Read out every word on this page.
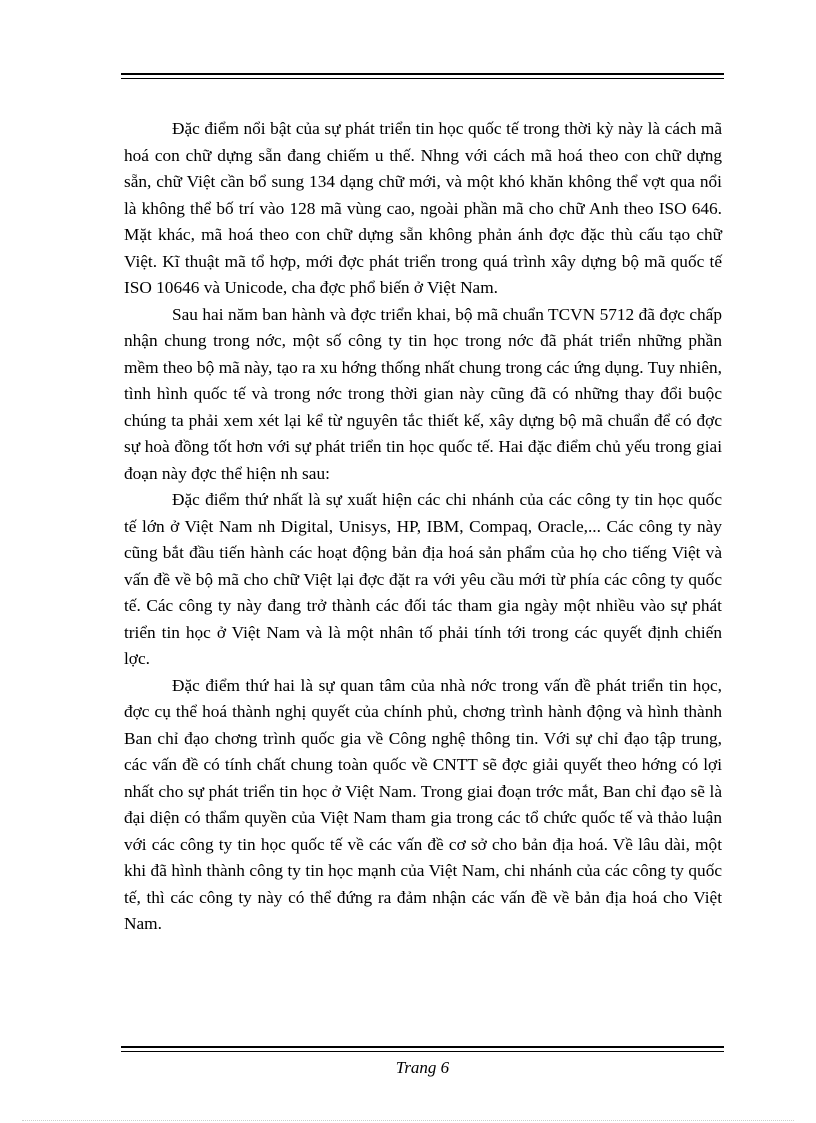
Đặc điểm nổi bật của sự phát triển tin học quốc tế trong thời kỳ này là cách mã hoá con chữ dựng sẵn đang chiếm u thế. Nhng với cách mã hoá theo con chữ dựng sẵn, chữ Việt cần bổ sung 134 dạng chữ mới, và một khó khăn không thể vợt qua nổi là không thể bố trí vào 128 mã vùng cao, ngoài phần mã cho chữ Anh theo ISO 646. Mặt khác, mã hoá theo con chữ dựng sẵn không phản ánh đợc đặc thù cấu tạo chữ Việt. Kĩ thuật mã tổ hợp, mới đợc phát triển trong quá trình xây dựng bộ mã quốc tế ISO 10646 và Unicode, cha đợc phổ biến ở Việt Nam.

Sau hai năm ban hành và đợc triển khai, bộ mã chuẩn TCVN 5712 đã đợc chấp nhận chung trong nớc, một số công ty tin học trong nớc đã phát triển những phần mềm theo bộ mã này, tạo ra xu hớng thống nhất chung trong các ứng dụng. Tuy nhiên, tình hình quốc tế và trong nớc trong thời gian này cũng đã có những thay đổi buộc chúng ta phải xem xét lại kể từ nguyên tắc thiết kế, xây dựng bộ mã chuẩn để có đợc sự hoà đồng tốt hơn với sự phát triển tin học quốc tế. Hai đặc điểm chủ yếu trong giai đoạn này đợc thể hiện nh sau:

Đặc điểm thứ nhất là sự xuất hiện các chi nhánh của các công ty tin học quốc tế lớn ở Việt Nam nh Digital, Unisys, HP, IBM, Compaq, Oracle,... Các công ty này cũng bắt đầu tiến hành các hoạt động bản địa hoá sản phẩm của họ cho tiếng Việt và vấn đề về bộ mã cho chữ Việt lại đợc đặt ra với yêu cầu mới từ phía các công ty quốc tế. Các công ty này đang trở thành các đối tác tham gia ngày một nhiều vào sự phát triển tin học ở Việt Nam và là một nhân tố phải tính tới trong các quyết định chiến lợc.

Đặc điểm thứ hai là sự quan tâm của nhà nớc trong vấn đề phát triển tin học, đợc cụ thể hoá thành nghị quyết của chính phủ, chơng trình hành động và hình thành Ban chỉ đạo chơng trình quốc gia về Công nghệ thông tin. Với sự chỉ đạo tập trung, các vấn đề có tính chất chung toàn quốc về CNTT sẽ đợc giải quyết theo hớng có lợi nhất cho sự phát triển tin học ở Việt Nam. Trong giai đoạn trớc mắt, Ban chỉ đạo sẽ là đại diện có thẩm quyền của Việt Nam tham gia trong các tổ chức quốc tế và thảo luận với các công ty tin học quốc tế về các vấn đề cơ sở cho bản địa hoá. Về lâu dài, một khi đã hình thành công ty tin học mạnh của Việt Nam, chi nhánh của các công ty quốc tế, thì các công ty này có thể đứng ra đảm nhận các vấn đề về bản địa hoá cho Việt Nam.

Trang 6
